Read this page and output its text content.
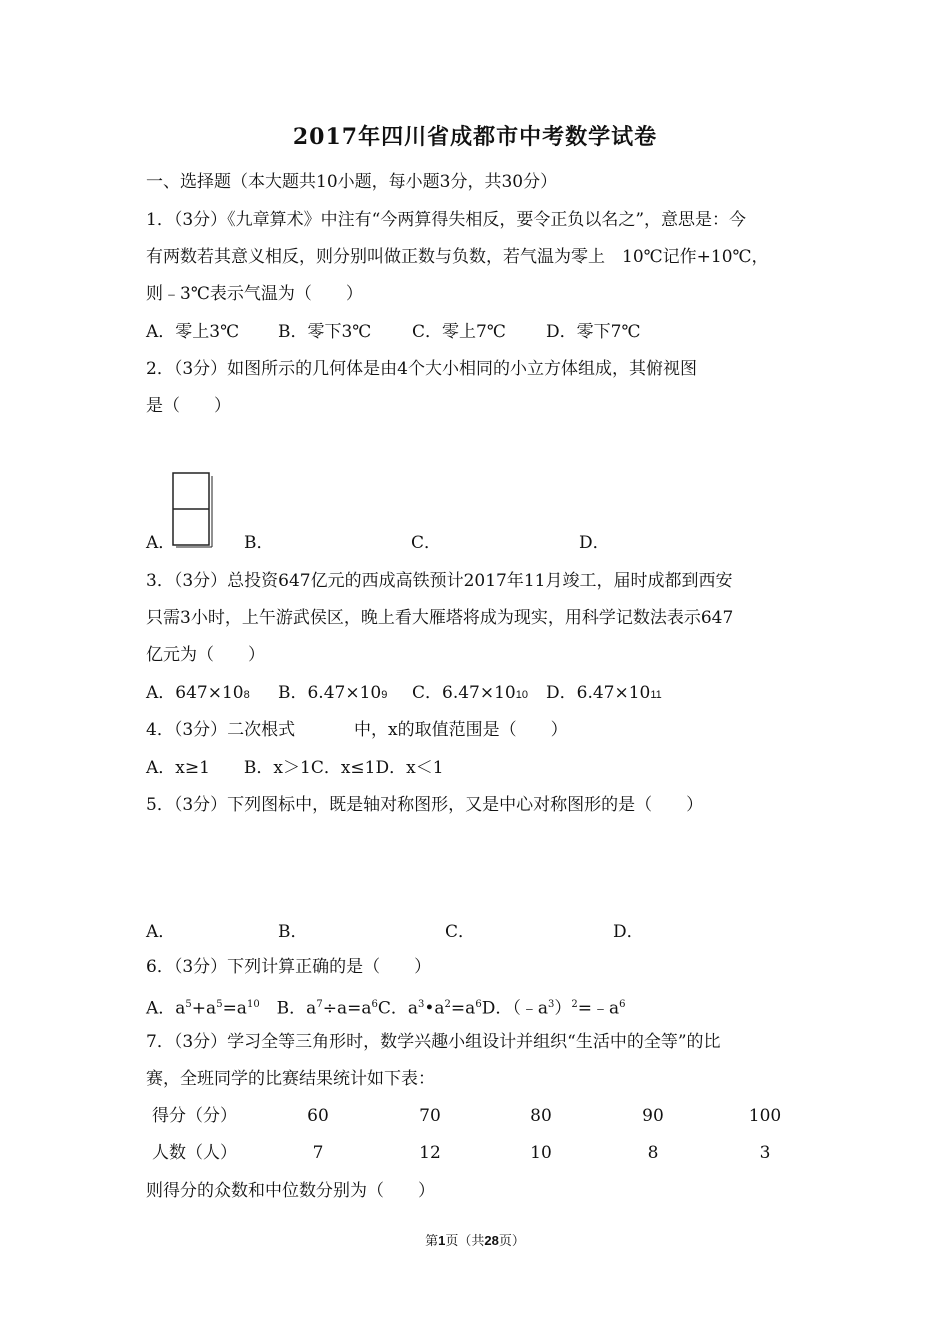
2017年四川省成都市中考数学试卷
一、选择题（本大题共10小题，每小题3分，共30分）
1．（3分）《九章算术》中注有“今两算得失相反，要令正负以名之”，意思是：今
有两数若其意义相反，则分别叫做正数与负数，若气温为零上　10℃记作+10℃，
则﹣3℃表示气温为（　　）
A．零上3℃ B．零下3℃ C．零上7℃ D．零下7℃
2．（3分）如图所示的几何体是由4个大小相同的小立方体组成，其俯视图
是（　　）
A．	B．	C．	D．
3．（3分）总投资647亿元的西成高铁预计2017年11月竣工，届时成都到西安
只需3小时，上午游武侯区，晚上看大雁塔将成为现实，用科学记数法表示647
亿元为（　　）
A．647×108 B．6.47×109 C．6.47×1010 D．6.47×1011
4．（3分）二次根式	中，x的取值范围是（　　）
A．x≥1　　B．x＞1C．x≤1D．x＜1
5．（3分）下列图标中，既是轴对称图形，又是中心对称图形的是（　　）
A．	B．	C．	D．
6．（3分）下列计算正确的是（　　）
A．$a^5+a^5=a^{10}$　B．$a^7\div a=a^6C$．$a^3•a^2=a^6D$．$(﹣a^3)^2=﹣a^6$
7．（3分）学习全等三角形时，数学兴趣小组设计并组织“生活中的全等”的比
赛，全班同学的比赛结果统计如下表：
得分（分）	60	70	80	90	100
人数（人）	7	12	10	8	3
则得分的众数和中位数分别为（　　）
第1页（共28页）
